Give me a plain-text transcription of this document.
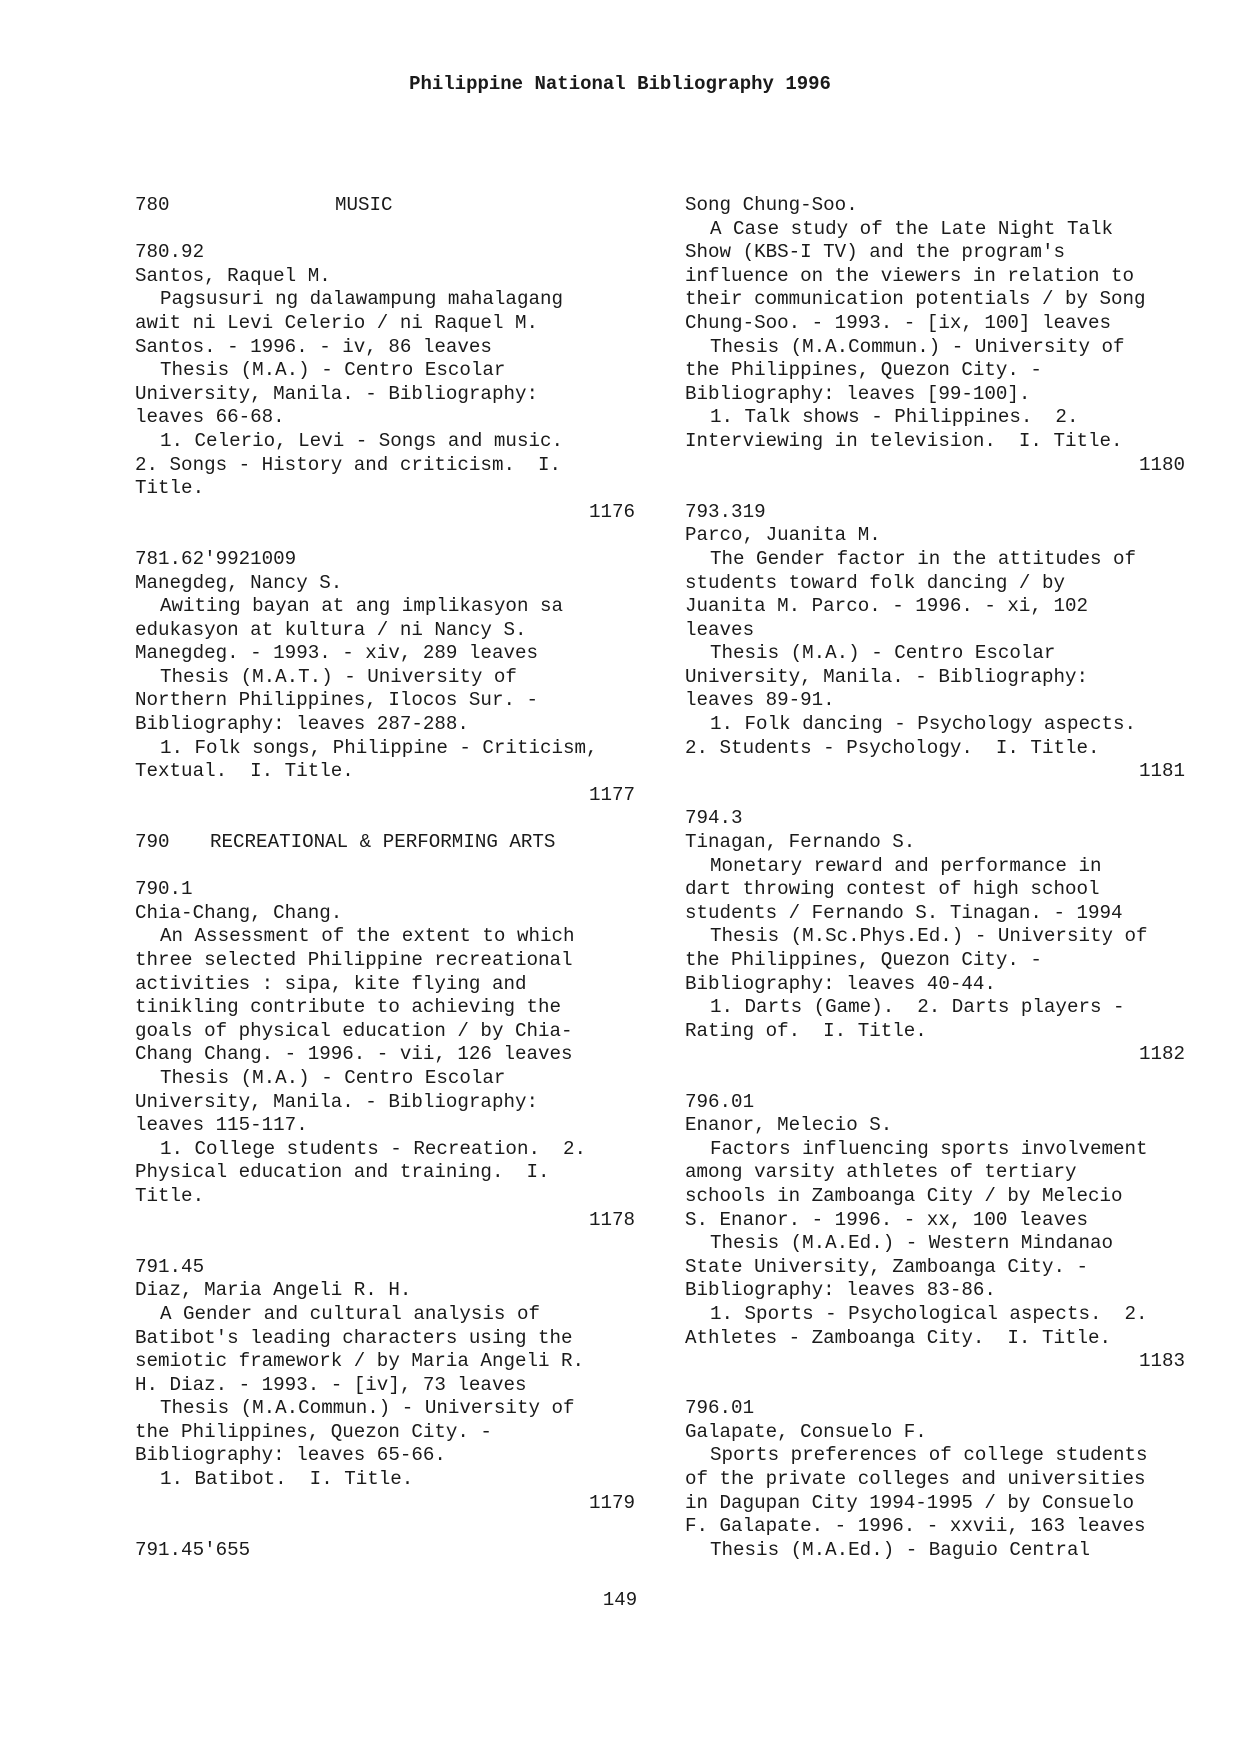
Philippine National Bibliography 1996
780	MUSIC
780.92
Santos, Raquel M.
Pagsusuri ng dalawampung mahalagang
awit ni Levi Celerio / ni Raquel M.
Santos. - 1996. - iv, 86 leaves
Thesis (M.A.) - Centro Escolar
University, Manila. - Bibliography:
leaves 66-68.
1. Celerio, Levi - Songs and music.
2. Songs - History and criticism.  I.
Title.
1176
781.62'9921009
Manegdeg, Nancy S.
Awiting bayan at ang implikasyon sa
edukasyon at kultura / ni Nancy S.
Manegdeg. - 1993. - xiv, 289 leaves
Thesis (M.A.T.) - University of
Northern Philippines, Ilocos Sur. -
Bibliography: leaves 287-288.
1. Folk songs, Philippine - Criticism,
Textual.  I. Title.
1177
790 RECREATIONAL & PERFORMING ARTS
790.1
Chia-Chang, Chang.
An Assessment of the extent to which
three selected Philippine recreational
activities : sipa, kite flying and
tinikling contribute to achieving the
goals of physical education / by Chia-
Chang Chang. - 1996. - vii, 126 leaves
Thesis (M.A.) - Centro Escolar
University, Manila. - Bibliography:
leaves 115-117.
1. College students - Recreation.  2.
Physical education and training.  I.
Title.
1178
791.45
Diaz, Maria Angeli R. H.
A Gender and cultural analysis of
Batibot's leading characters using the
semiotic framework / by Maria Angeli R.
H. Diaz. - 1993. - [iv], 73 leaves
Thesis (M.A.Commun.) - University of
the Philippines, Quezon City. -
Bibliography: leaves 65-66.
1. Batibot.  I. Title.
1179
791.45'655
Song Chung-Soo.
A Case study of the Late Night Talk
Show (KBS-I TV) and the program's
influence on the viewers in relation to
their communication potentials / by Song
Chung-Soo. - 1993. - [ix, 100] leaves
Thesis (M.A.Commun.) - University of
the Philippines, Quezon City. -
Bibliography: leaves [99-100].
1. Talk shows - Philippines.  2.
Interviewing in television.  I. Title.
1180
793.319
Parco, Juanita M.
The Gender factor in the attitudes of
students toward folk dancing / by
Juanita M. Parco. - 1996. - xi, 102
leaves
Thesis (M.A.) - Centro Escolar
University, Manila. - Bibliography:
leaves 89-91.
1. Folk dancing - Psychology aspects.
2. Students - Psychology.  I. Title.
1181
794.3
Tinagan, Fernando S.
Monetary reward and performance in
dart throwing contest of high school
students / Fernando S. Tinagan. - 1994
Thesis (M.Sc.Phys.Ed.) - University of
the Philippines, Quezon City. -
Bibliography: leaves 40-44.
1. Darts (Game).  2. Darts players -
Rating of.  I. Title.
1182
796.01
Enanor, Melecio S.
Factors influencing sports involvement
among varsity athletes of tertiary
schools in Zamboanga City / by Melecio
S. Enanor. - 1996. - xx, 100 leaves
Thesis (M.A.Ed.) - Western Mindanao
State University, Zamboanga City. -
Bibliography: leaves 83-86.
1. Sports - Psychological aspects.  2.
Athletes - Zamboanga City.  I. Title.
1183
796.01
Galapate, Consuelo F.
Sports preferences of college students
of the private colleges and universities
in Dagupan City 1994-1995 / by Consuelo
F. Galapate. - 1996. - xxvii, 163 leaves
Thesis (M.A.Ed.) - Baguio Central
149
